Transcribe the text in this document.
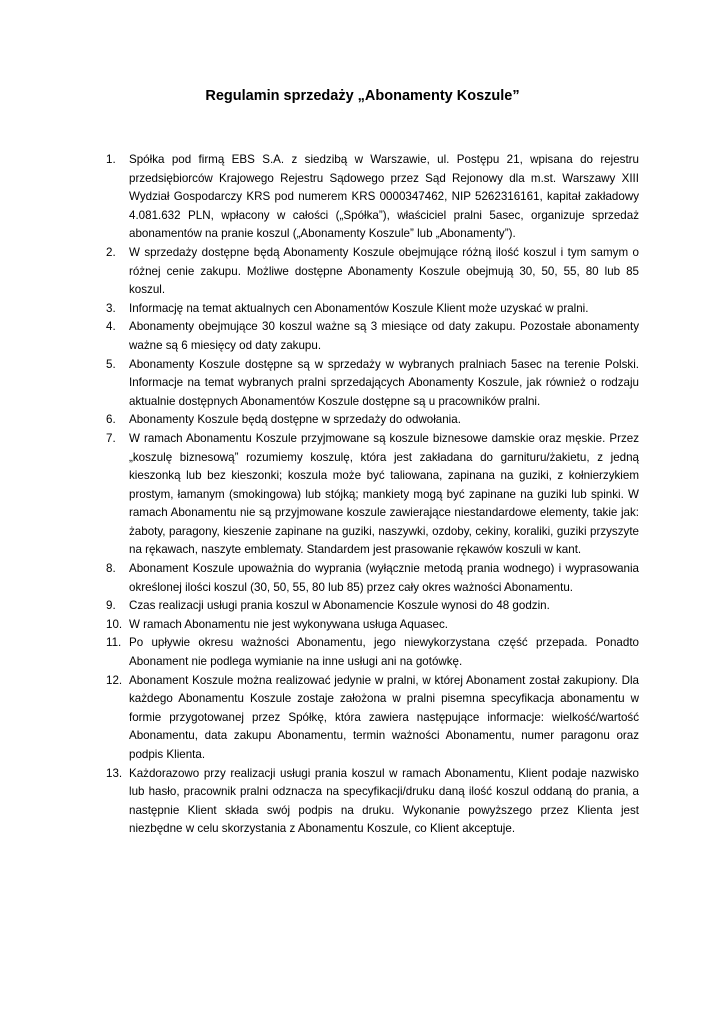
Regulamin sprzedaży „Abonamenty Koszule”
1. Spółka pod firmą EBS S.A. z siedzibą w Warszawie, ul. Postępu 21, wpisana do rejestru przedsiębiorców Krajowego Rejestru Sądowego przez Sąd Rejonowy dla m.st. Warszawy XIII Wydział Gospodarczy KRS pod numerem KRS 0000347462, NIP 5262316161, kapitał zakładowy 4.081.632 PLN, wpłacony w całości („Spółka”), właściciel pralni 5asec, organizuje sprzedaż abonamentów na pranie koszul („Abonamenty Koszule” lub „Abonamenty”).
2. W sprzedaży dostępne będą Abonamenty Koszule obejmujące różną ilość koszul i tym samym o różnej cenie zakupu. Możliwe dostępne Abonamenty Koszule obejmują 30, 50, 55, 80 lub 85 koszul.
3. Informację na temat aktualnych cen Abonamentów Koszule Klient może uzyskać w pralni.
4. Abonamenty obejmujące 30 koszul ważne są 3 miesiące od daty zakupu. Pozostałe abonamenty ważne są 6 miesięcy od daty zakupu.
5. Abonamenty Koszule dostępne są w sprzedaży w wybranych pralniach 5asec na terenie Polski. Informacje na temat wybranych pralni sprzedających Abonamenty Koszule, jak również o rodzaju aktualnie dostępnych Abonamentów Koszule dostępne są u pracowników pralni.
6. Abonamenty Koszule będą dostępne w sprzedaży do odwołania.
7. W ramach Abonamentu Koszule przyjmowane są koszule biznesowe damskie oraz męskie. Przez „koszulę biznesową” rozumiemy koszulę, która jest zakładana do garnituru/żakietu, z jedną kieszonką lub bez kieszonki; koszula może być taliowana, zapinana na guziki, z kołnierzykiem prostym, łamanym (smokingowa) lub stójką; mankiety mogą być zapinane na guziki lub spinki. W ramach Abonamentu nie są przyjmowane koszule zawierające niestandardowe elementy, takie jak: żaboty, paragony, kieszenie zapinane na guziki, naszywki, ozdoby, cekiny, koraliki, guziki przyszyte na rękawach, naszyte emblematy. Standardem jest prasowanie rękawów koszuli w kant.
8. Abonament Koszule upoważnia do wyprania (wyłącznie metodą prania wodnego) i wyprasowania określonej ilości koszul (30, 50, 55, 80 lub 85) przez cały okres ważności Abonamentu.
9. Czas realizacji usługi prania koszul w Abonamencie Koszule wynosi do 48 godzin.
10. W ramach Abonamentu nie jest wykonywana usługa Aquasec.
11. Po upływie okresu ważności Abonamentu, jego niewykorzystana część przepada. Ponadto Abonament nie podlega wymianie na inne usługi ani na gotówkę.
12. Abonament Koszule można realizować jedynie w pralni, w której Abonament został zakupiony. Dla każdego Abonamentu Koszule zostaje założona w pralni pisemna specyfikacja abonamentu w formie przygotowanej przez Spółkę, która zawiera następujące informacje: wielkość/wartość Abonamentu, data zakupu Abonamentu, termin ważności Abonamentu, numer paragonu oraz podpis Klienta.
13. Każdorazowo przy realizacji usługi prania koszul w ramach Abonamentu, Klient podaje nazwisko lub hasło, pracownik pralni odznacza na specyfikacji/druku daną ilość koszul oddaną do prania, a następnie Klient składa swój podpis na druku. Wykonanie powyższego przez Klienta jest niezbędne w celu skorzystania z Abonamentu Koszule, co Klient akceptuje.
